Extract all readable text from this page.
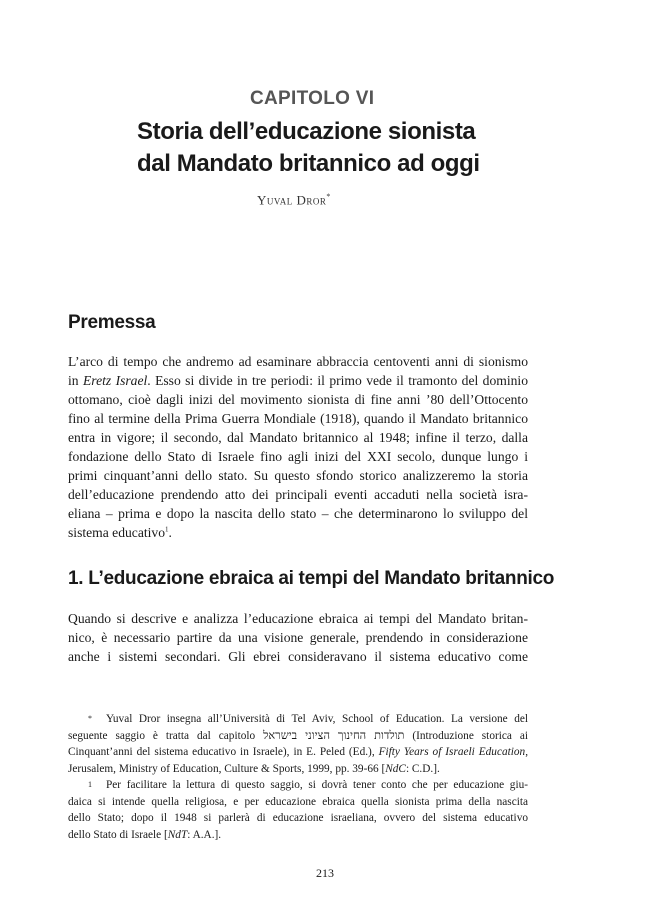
CAPITOLO VI
Storia dell’educazione sionista
dal Mandato britannico ad oggi
Yuval Dror*
Premessa
L’arco di tempo che andremo ad esaminare abbraccia centoventi anni di sionismo
in Eretz Israel. Esso si divide in tre periodi: il primo vede il tramonto del dominio
ottomano, cioè dagli inizi del movimento sionista di fine anni ’80 dell’Ottocento
fino al termine della Prima Guerra Mondiale (1918), quando il Mandato britannico
entra in vigore; il secondo, dal Mandato britannico al 1948; infine il terzo, dalla
fondazione dello Stato di Israele fino agli inizi del XXI secolo, dunque lungo i
primi cinquant’anni dello stato. Su questo sfondo storico analizzeremo la storia
dell’educazione prendendo atto dei principali eventi accaduti nella società isra-
eliana – prima e dopo la nascita dello stato – che determinarono lo sviluppo del
sistema educativo$^1$.
1. L’educazione ebraica ai tempi del Mandato britannico
Quando si descrive e analizza l’educazione ebraica ai tempi del Mandato britan-
nico, è necessario partire da una visione generale, prendendo in considerazione
anche i sistemi secondari. Gli ebrei consideravano il sistema educativo come
* Yuval Dror insegna all’Università di Tel Aviv, School of Education. La versione del
seguente saggio è tratta dal capitolo תולדות החינוך הציוני בישראל (Introduzione storica ai
Cinquant’anni del sistema educativo in Israele), in E. Peled (Ed.), Fifty Years of Israeli Education,
Jerusalem, Ministry of Education, Culture & Sports, 1999, pp. 39-66 [NdC: C.D.].
1 Per facilitare la lettura di questo saggio, si dovrà tener conto che per educazione giu-
daica si intende quella religiosa, e per educazione ebraica quella sionista prima della nascita
dello Stato; dopo il 1948 si parlerà di educazione israeliana, ovvero del sistema educativo
dello Stato di Israele [NdT: A.A.].
213
